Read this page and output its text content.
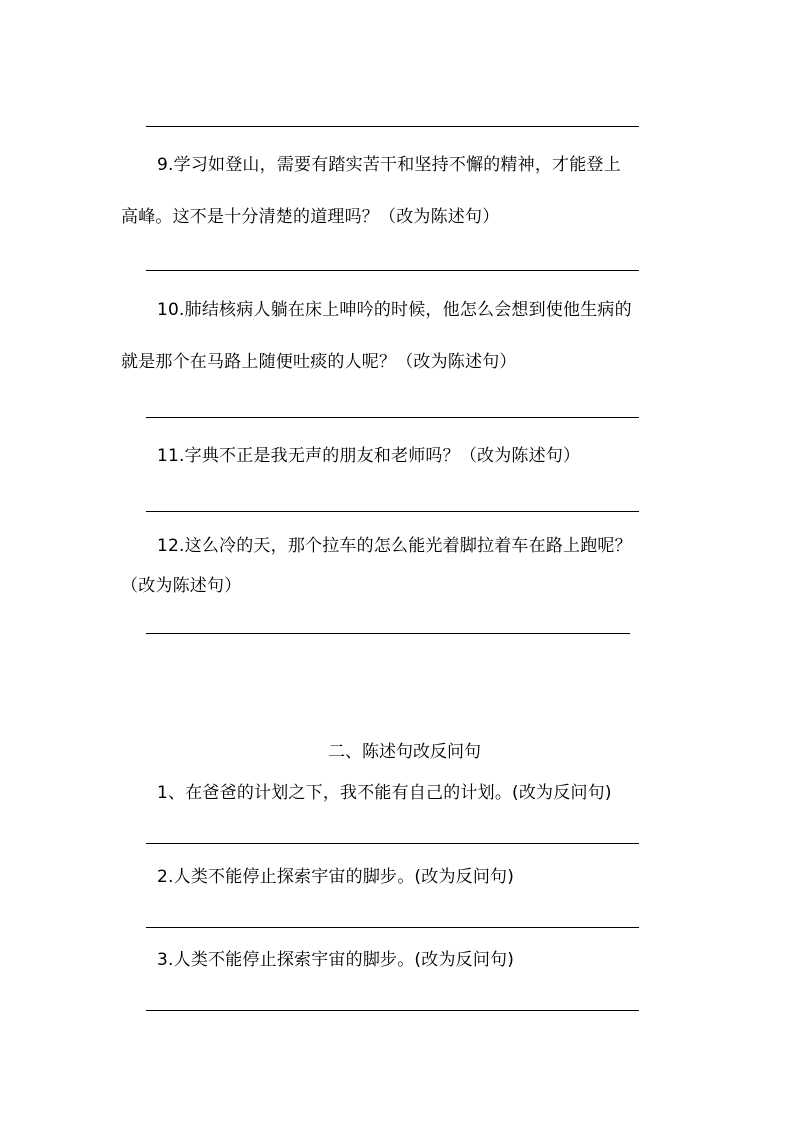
9.学习如登山，需要有踏实苦干和坚持不懈的精神，才能登上
高峰。这不是十分清楚的道理吗？（改为陈述句）
10.肺结核病人躺在床上呻吟的时候，他怎么会想到使他生病的
就是那个在马路上随便吐痰的人呢？（改为陈述句）
11.字典不正是我无声的朋友和老师吗？（改为陈述句）
12.这么冷的天，那个拉车的怎么能光着脚拉着车在路上跑呢？
（改为陈述句）
二、陈述句改反问句
1、在爸爸的计划之下，我不能有自己的计划。(改为反问句)
2.人类不能停止探索宇宙的脚步。(改为反问句)
3.人类不能停止探索宇宙的脚步。(改为反问句)
